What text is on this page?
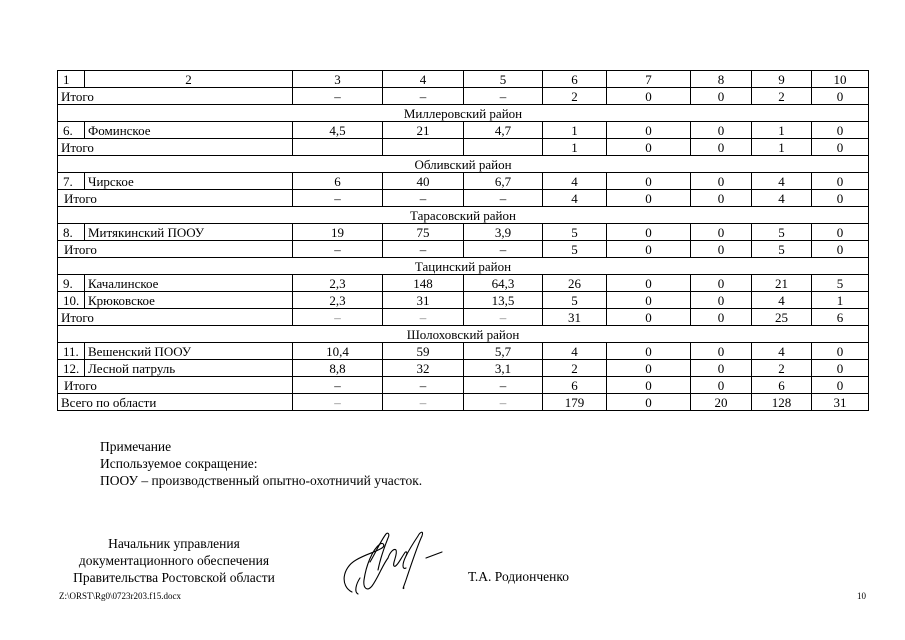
1	2	3	4	5	6	7	8	9	10
Итого		–	–	–	2	0	0	2	0
Миллеровский район									
6.	Фоминское	4,5	21	4,7	1	0	0	1	0
Итого					1	0	0	1	0
Обливский район									
7.	Чирское	6	40	6,7	4	0	0	4	0
Итого		–	–	–	4	0	0	4	0
Тарасовский район									
8.	Митякинский ПООУ	19	75	3,9	5	0	0	5	0
Итого		–	–	–	5	0	0	5	0
Тацинский район									
9.	Качалинское	2,3	148	64,3	26	0	0	21	5
10.	Крюковское	2,3	31	13,5	5	0	0	4	1
Итого		–	–	–	31	0	0	25	6
Шолоховский район									
11.	Вешенский ПООУ	10,4	59	5,7	4	0	0	4	0
12.	Лесной патруль	8,8	32	3,1	2	0	0	2	0
Итого		–	–	–	6	0	0	6	0
Всего по области		–	–	–	179	0	20	128	31
Примечание
Используемое сокращение:
ПООУ – производственный опытно-охотничий участок.
Начальник управления
документационного обеспечения
Правительства Ростовской области	Т.А. Родионченко
Z:\ORST\Rg0\0723r203.f15.docx	10
